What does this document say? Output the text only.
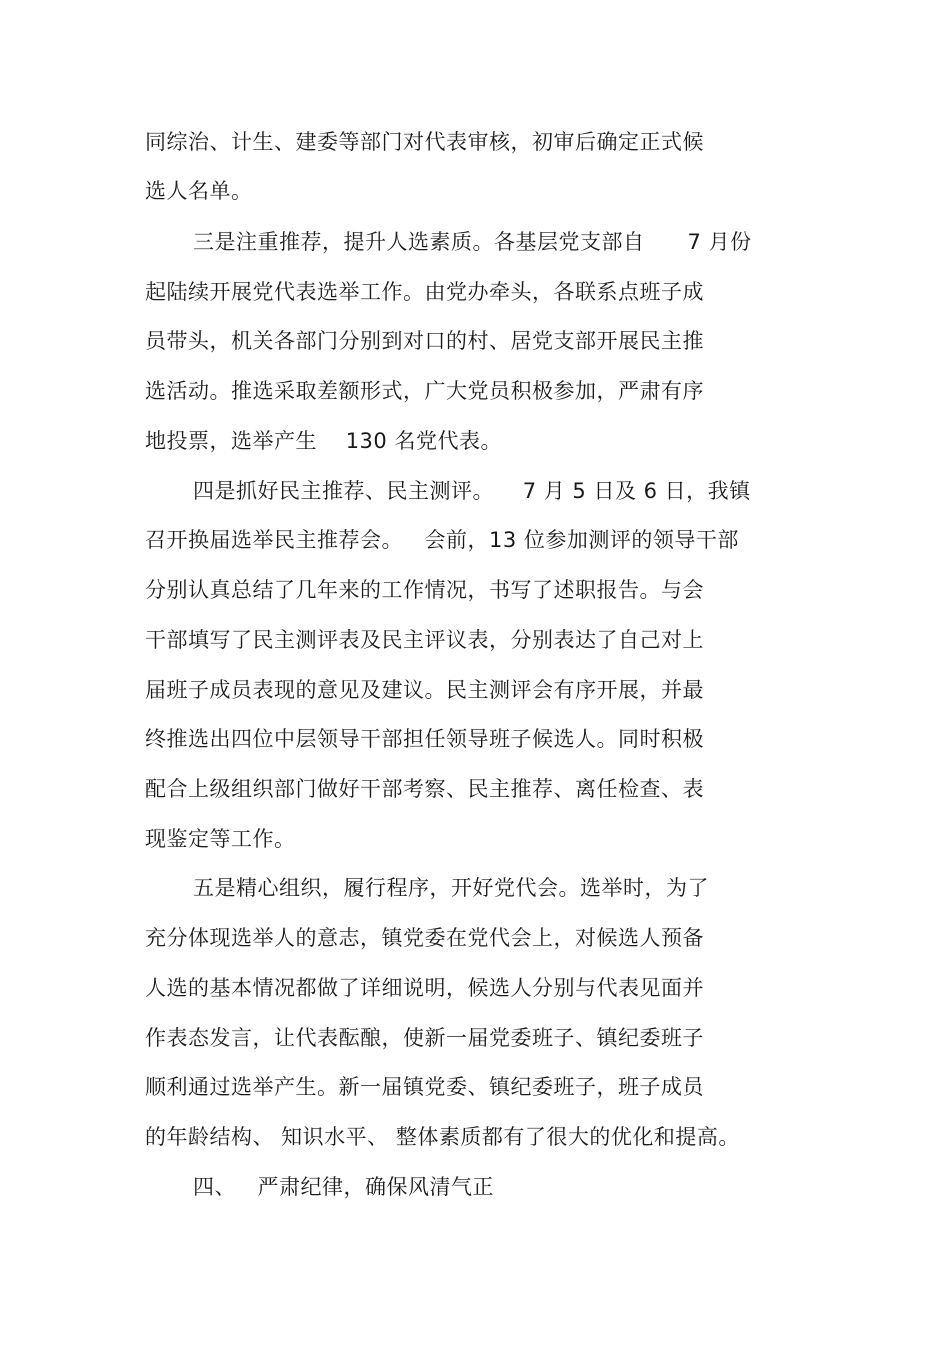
同综治、计生、建委等部门对代表审核，初审后确定正式候
选人名单。
三是注重推荐，提升人选素质。各基层党支部自      7 月份
起陆续开展党代表选举工作。由党办牵头，各联系点班子成
员带头，机关各部门分别到对口的村、居党支部开展民主推
选活动。推选采取差额形式，广大党员积极参加，严肃有序
地投票，选举产生    130 名党代表。
四是抓好民主推荐、民主测评。    7 月 5 日及 6 日，我镇
召开换届选举民主推荐会。   会前，13 位参加测评的领导干部
分别认真总结了几年来的工作情况，书写了述职报告。与会
干部填写了民主测评表及民主评议表，分别表达了自己对上
届班子成员表现的意见及建议。民主测评会有序开展，并最
终推选出四位中层领导干部担任领导班子候选人。同时积极
配合上级组织部门做好干部考察、民主推荐、离任检查、表
现鉴定等工作。
五是精心组织，履行程序，开好党代会。选举时，为了
充分体现选举人的意志，镇党委在党代会上，对候选人预备
人选的基本情况都做了详细说明，候选人分别与代表见面并
作表态发言，让代表酝酿，使新一届党委班子、镇纪委班子
顺利通过选举产生。新一届镇党委、镇纪委班子，班子成员
的年龄结构、 知识水平、 整体素质都有了很大的优化和提高。
四、   严肃纪律，确保风清气正
